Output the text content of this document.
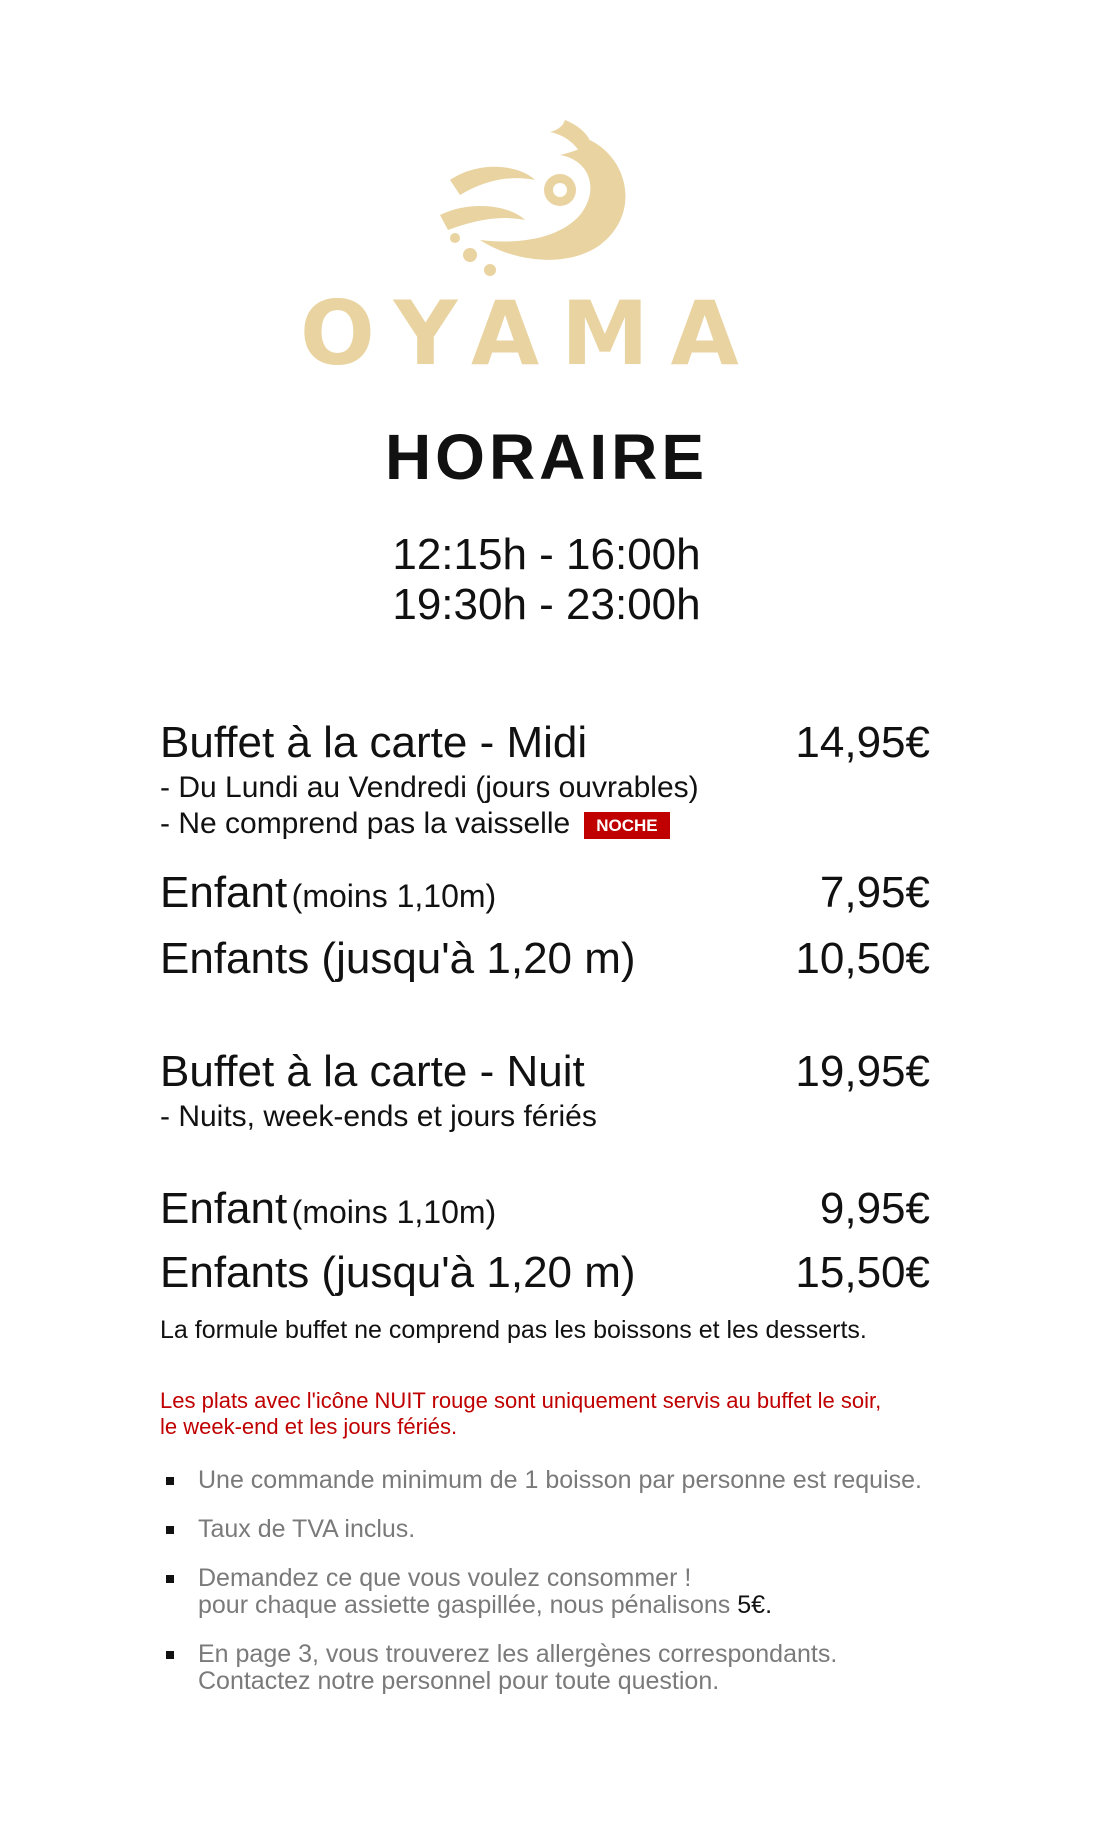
OYAMA
HORAIRE
12:15h - 16:00h
19:30h - 23:00h
Buffet à la carte - Midi	14,95€
- Du Lundi au Vendredi (jours ouvrables)
- Ne comprend pas la vaisselle NOCHE
Enfant (moins 1,10m)	7,95€
Enfants (jusqu'à 1,20 m)	10,50€
Buffet à la carte - Nuit	19,95€
- Nuits, week-ends et jours fériés
Enfant (moins 1,10m)	9,95€
Enfants (jusqu'à 1,20 m)	15,50€
La formule buffet ne comprend pas les boissons et les desserts.
Les plats avec l'icône NUIT rouge sont uniquement servis au buffet le soir,
le week-end et les jours fériés.
Une commande minimum de 1 boisson par personne est requise.
Taux de TVA inclus.
Demandez ce que vous voulez consommer !
pour chaque assiette gaspillée, nous pénalisons 5€.
En page 3, vous trouverez les allergènes correspondants.
Contactez notre personnel pour toute question.
